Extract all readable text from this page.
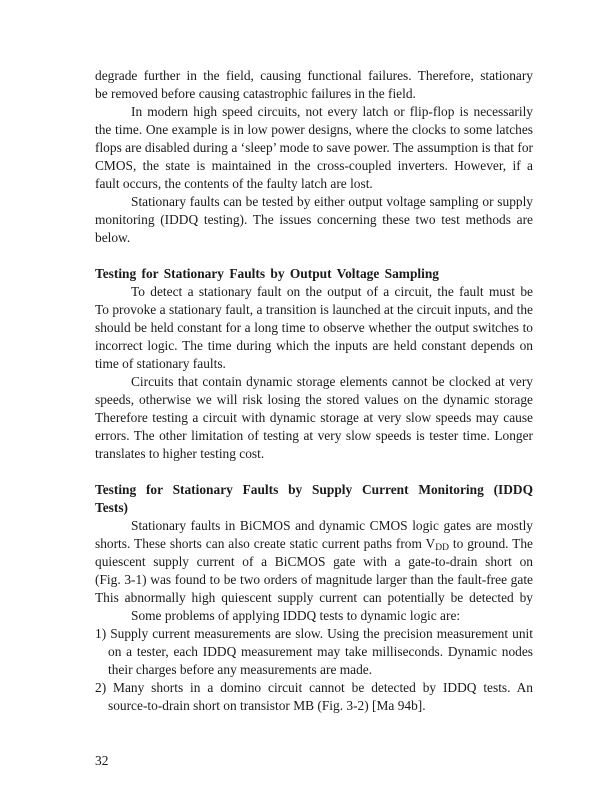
degrade further in the field, causing functional failures. Therefore, stationary
be removed before causing catastrophic failures in the field.
In modern high speed circuits, not every latch or flip-flop is necessarily
the time. One example is in low power designs, where the clocks to some latches
flops are disabled during a ‘sleep’ mode to save power. The assumption is that for
CMOS, the state is maintained in the cross-coupled inverters. However, if a
fault occurs, the contents of the faulty latch are lost.
Stationary faults can be tested by either output voltage sampling or supply
monitoring (IDDQ testing). The issues concerning these two test methods are
below.
Testing for Stationary Faults by Output Voltage Sampling
To detect a stationary fault on the output of a circuit, the fault must be
To provoke a stationary fault, a transition is launched at the circuit inputs, and the
should be held constant for a long time to observe whether the output switches to
incorrect logic. The time during which the inputs are held constant depends on
time of stationary faults.
Circuits that contain dynamic storage elements cannot be clocked at very
speeds, otherwise we will risk losing the stored values on the dynamic storage
Therefore testing a circuit with dynamic storage at very slow speeds may cause
errors. The other limitation of testing at very slow speeds is tester time. Longer
translates to higher testing cost.
Testing for Stationary Faults by Supply Current Monitoring (IDDQ Tests)
Stationary faults in BiCMOS and dynamic CMOS logic gates are mostly
shorts. These shorts can also create static current paths from $V_{DD}$ to ground. The
quiescent supply current of a BiCMOS gate with a gate-to-drain short on
(Fig. 3-1) was found to be two orders of magnitude larger than the fault-free gate
This abnormally high quiescent supply current can potentially be detected by
Some problems of applying IDDQ tests to dynamic logic are:
1) Supply current measurements are slow. Using the precision measurement unit
on a tester, each IDDQ measurement may take milliseconds. Dynamic nodes
their charges before any measurements are made.
2) Many shorts in a domino circuit cannot be detected by IDDQ tests. An
source-to-drain short on transistor MB (Fig. 3-2) [Ma 94b].
32
